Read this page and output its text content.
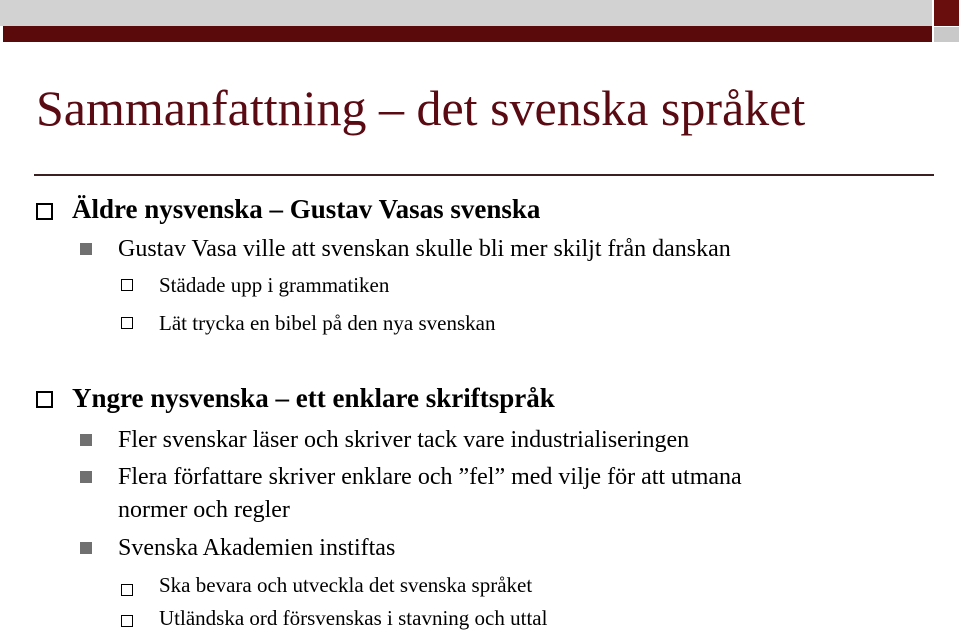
Sammanfattning – det svenska språket
Äldre nysvenska – Gustav Vasas svenska
Gustav Vasa ville att svenskan skulle bli mer skiljt från danskan
Städade upp i grammatiken
Lät trycka en bibel på den nya svenskan
Yngre nysvenska – ett enklare skriftspråk
Fler svenskar läser och skriver tack vare industrialiseringen
Flera författare skriver enklare och ”fel” med vilje för att utmana
normer och regler
Svenska Akademien instiftas
Ska bevara och utveckla det svenska språket
Utländska ord försvenskas i stavning och uttal
